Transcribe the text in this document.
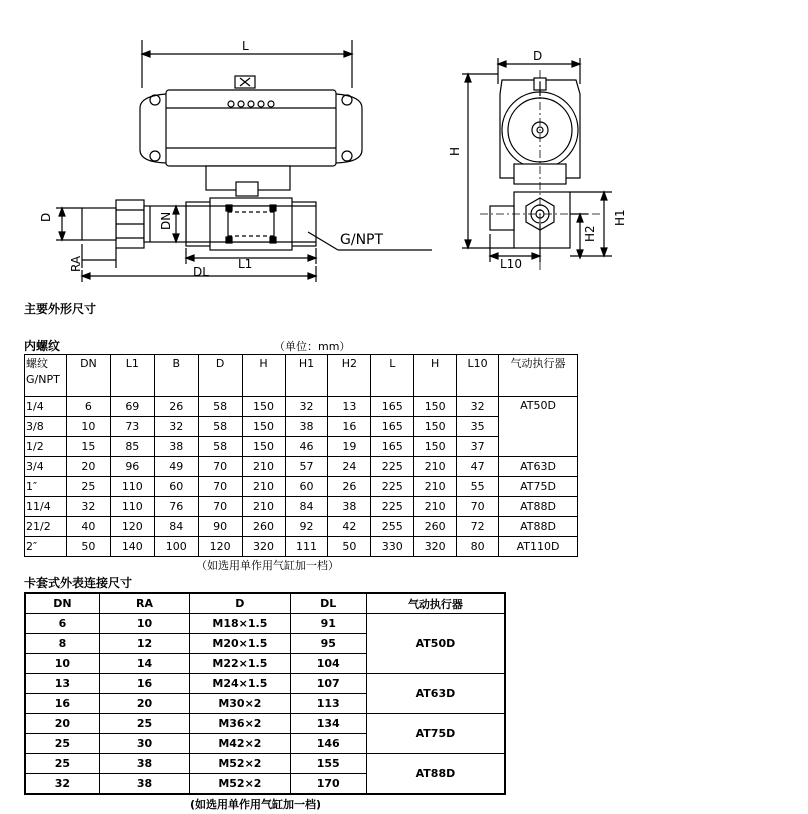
L
D
D	DN
RA	DL
L1
G/NPT
H
H1
H2
L10
主要外形尺寸
内螺纹	（单位：mm）
螺纹
G/NPT	DN	L1	B	D	H	H1	H2	L	H	L10	气动执行器
1/4	6	69	26	58	150	32	13	165	150	32	AT50D
3/8	10	73	32	58	150	38	16	165	150	35	
1/2	15	85	38	58	150	46	19	165	150	37	
3/4	20	96	49	70	210	57	24	225	210	47	AT63D
1″	25	110	60	70	210	60	26	225	210	55	AT75D
11/4	32	110	76	70	210	84	38	225	210	70	AT88D
21/2	40	120	84	90	260	92	42	255	260	72	AT88D
2″	50	140	100	120	320	111	50	330	320	80	AT110D
（如选用单作用气缸加一档）
卡套式外表连接尺寸
DN	RA	D	DL	气动执行器
6	10	M18×1.5	91	AT50D
8	12	M20×1.5	95	
10	14	M22×1.5	104	
13	16	M24×1.5	107	AT63D
16	20	M30×2	113	
20	25	M36×2	134	AT75D
25	30	M42×2	146	
25	38	M52×2	155	AT88D
32	38	M52×2	170	
(如选用单作用气缸加一档)
